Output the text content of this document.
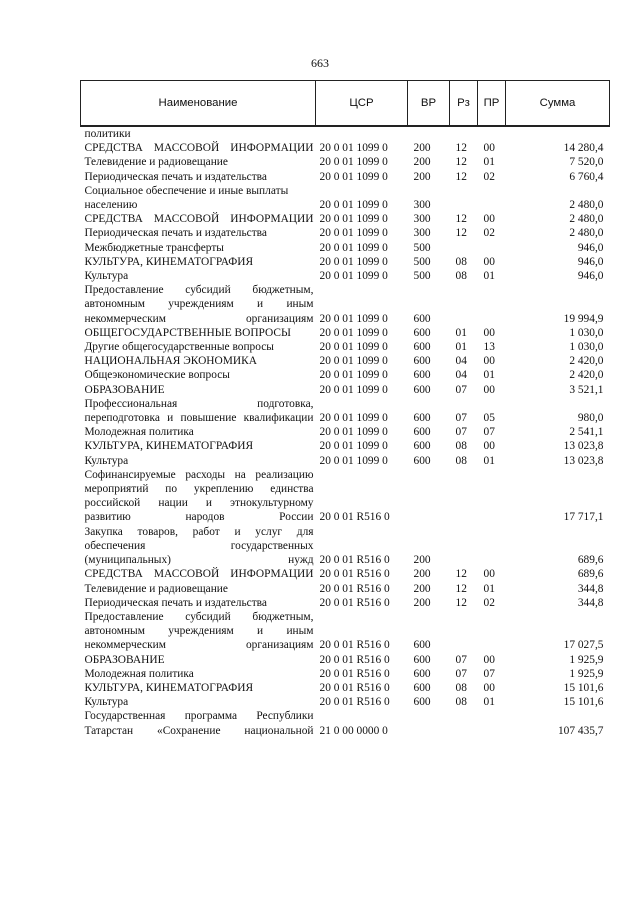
663
Наименование	ЦСР	ВР	Рз	ПР	Сумма
политики					
СРЕДСТВА МАССОВОЙ ИНФОРМАЦИИ	20 0 01 1099 0	200	12	00	14 280,4
Телевидение и радиовещание	20 0 01 1099 0	200	12	01	7 520,0
Периодическая печать и издательства	20 0 01 1099 0	200	12	02	6 760,4
Социальное обеспечение и иные выплаты населению	20 0 01 1099 0	300			2 480,0
СРЕДСТВА МАССОВОЙ ИНФОРМАЦИИ	20 0 01 1099 0	300	12	00	2 480,0
Периодическая печать и издательства	20 0 01 1099 0	300	12	02	2 480,0
Межбюджетные трансферты	20 0 01 1099 0	500			946,0
КУЛЬТУРА, КИНЕМАТОГРАФИЯ	20 0 01 1099 0	500	08	00	946,0
Культура	20 0 01 1099 0	500	08	01	946,0
Предоставление субсидий бюджетным, автономным учреждениям и иным некоммерческим организациям	20 0 01 1099 0	600			19 994,9
ОБЩЕГОСУДАРСТВЕННЫЕ ВОПРОСЫ	20 0 01 1099 0	600	01	00	1 030,0
Другие общегосударственные вопросы	20 0 01 1099 0	600	01	13	1 030,0
НАЦИОНАЛЬНАЯ ЭКОНОМИКА	20 0 01 1099 0	600	04	00	2 420,0
Общеэкономические вопросы	20 0 01 1099 0	600	04	01	2 420,0
ОБРАЗОВАНИЕ	20 0 01 1099 0	600	07	00	3 521,1
Профессиональная подготовка, переподготовка и повышение квалификации	20 0 01 1099 0	600	07	05	980,0
Молодежная политика	20 0 01 1099 0	600	07	07	2 541,1
КУЛЬТУРА, КИНЕМАТОГРАФИЯ	20 0 01 1099 0	600	08	00	13 023,8
Культура	20 0 01 1099 0	600	08	01	13 023,8
Софинансируемые расходы на реализацию мероприятий по укреплению единства российской нации и этнокультурному развитию народов России	20 0 01 R516 0				17 717,1
Закупка товаров, работ и услуг для обеспечения государственных (муниципальных) нужд	20 0 01 R516 0	200			689,6
СРЕДСТВА МАССОВОЙ ИНФОРМАЦИИ	20 0 01 R516 0	200	12	00	689,6
Телевидение и радиовещание	20 0 01 R516 0	200	12	01	344,8
Периодическая печать и издательства	20 0 01 R516 0	200	12	02	344,8
Предоставление субсидий бюджетным, автономным учреждениям и иным некоммерческим организациям	20 0 01 R516 0	600			17 027,5
ОБРАЗОВАНИЕ	20 0 01 R516 0	600	07	00	1 925,9
Молодежная политика	20 0 01 R516 0	600	07	07	1 925,9
КУЛЬТУРА, КИНЕМАТОГРАФИЯ	20 0 01 R516 0	600	08	00	15 101,6
Культура	20 0 01 R516 0	600	08	01	15 101,6
Государственная программа Республики Татарстан «Сохранение национальной	21 0 00 0000 0				107 435,7
